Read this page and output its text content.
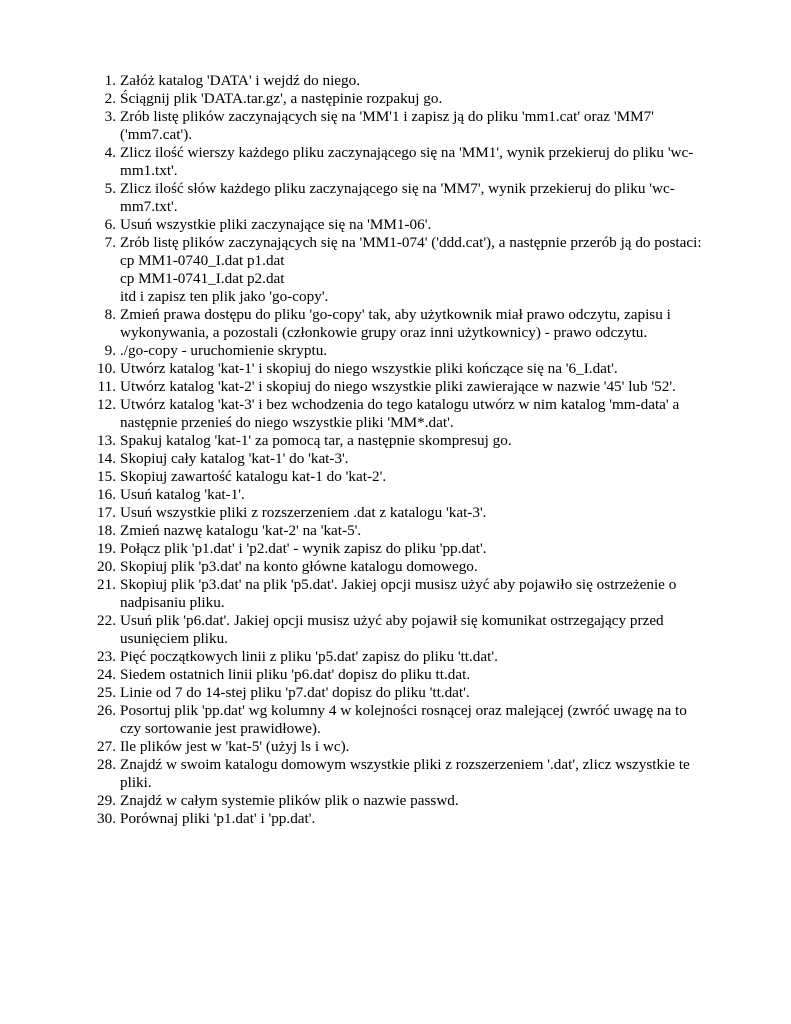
1. Załóż katalog 'DATA' i wejdź do niego.
2. Ściągnij plik 'DATA.tar.gz', a następinie rozpakuj go.
3. Zrób listę plików zaczynających się na 'MM'1 i zapisz ją do pliku 'mm1.cat' oraz 'MM7'
('mm7.cat').
4. Zlicz ilość wierszy każdego pliku zaczynającego się na 'MM1', wynik przekieruj do pliku 'wc-
mm1.txt'.
5. Zlicz ilość słów każdego pliku zaczynającego się na 'MM7', wynik przekieruj do pliku 'wc-
mm7.txt'.
6. Usuń wszystkie pliki zaczynające się na 'MM1-06'.
7. Zrób listę plików zaczynających się na 'MM1-074' ('ddd.cat'), a następnie przerób ją do postaci:
cp MM1-0740_I.dat p1.dat
cp MM1-0741_I.dat p2.dat
itd i zapisz ten plik jako 'go-copy'.
8. Zmień prawa dostępu do pliku 'go-copy' tak, aby użytkownik miał prawo odczytu, zapisu i
wykonywania, a pozostali (członkowie grupy oraz inni użytkownicy) - prawo odczytu.
9. ./go-copy - uruchomienie skryptu.
10. Utwórz katalog 'kat-1' i skopiuj do niego wszystkie pliki kończące się na '6_I.dat'.
11. Utwórz katalog 'kat-2' i skopiuj do niego wszystkie pliki zawierające w nazwie '45' lub '52'.
12. Utwórz katalog 'kat-3' i bez wchodzenia do tego katalogu utwórz w nim katalog 'mm-data' a
następnie przenieś do niego wszystkie pliki 'MM*.dat'.
13. Spakuj katalog 'kat-1' za pomocą tar, a następnie skompresuj go.
14. Skopiuj cały katalog 'kat-1' do 'kat-3'.
15. Skopiuj zawartość katalogu kat-1 do 'kat-2'.
16. Usuń katalog 'kat-1'.
17. Usuń wszystkie pliki z rozszerzeniem .dat z katalogu 'kat-3'.
18. Zmień nazwę katalogu 'kat-2' na 'kat-5'.
19. Połącz plik 'p1.dat' i 'p2.dat' - wynik zapisz do pliku 'pp.dat'.
20. Skopiuj plik 'p3.dat' na konto główne katalogu domowego.
21. Skopiuj plik 'p3.dat' na plik 'p5.dat'. Jakiej opcji musisz użyć aby pojawiło się ostrzeżenie o
nadpisaniu pliku.
22. Usuń plik 'p6.dat'. Jakiej opcji musisz użyć aby pojawił się komunikat ostrzegający przed
usunięciem pliku.
23. Pięć początkowych linii z pliku 'p5.dat' zapisz do pliku 'tt.dat'.
24. Siedem ostatnich linii pliku 'p6.dat' dopisz do pliku tt.dat.
25. Linie od 7 do 14-stej pliku 'p7.dat' dopisz do pliku 'tt.dat'.
26. Posortuj plik 'pp.dat' wg kolumny 4 w kolejności rosnącej oraz malejącej (zwróć uwagę na to
czy sortowanie jest prawidłowe).
27. Ile plików jest w 'kat-5' (użyj ls i wc).
28. Znajdź w swoim katalogu domowym wszystkie pliki z rozszerzeniem '.dat', zlicz wszystkie te
pliki.
29. Znajdź w całym systemie plików plik o nazwie passwd.
30. Porównaj pliki 'p1.dat' i 'pp.dat'.
